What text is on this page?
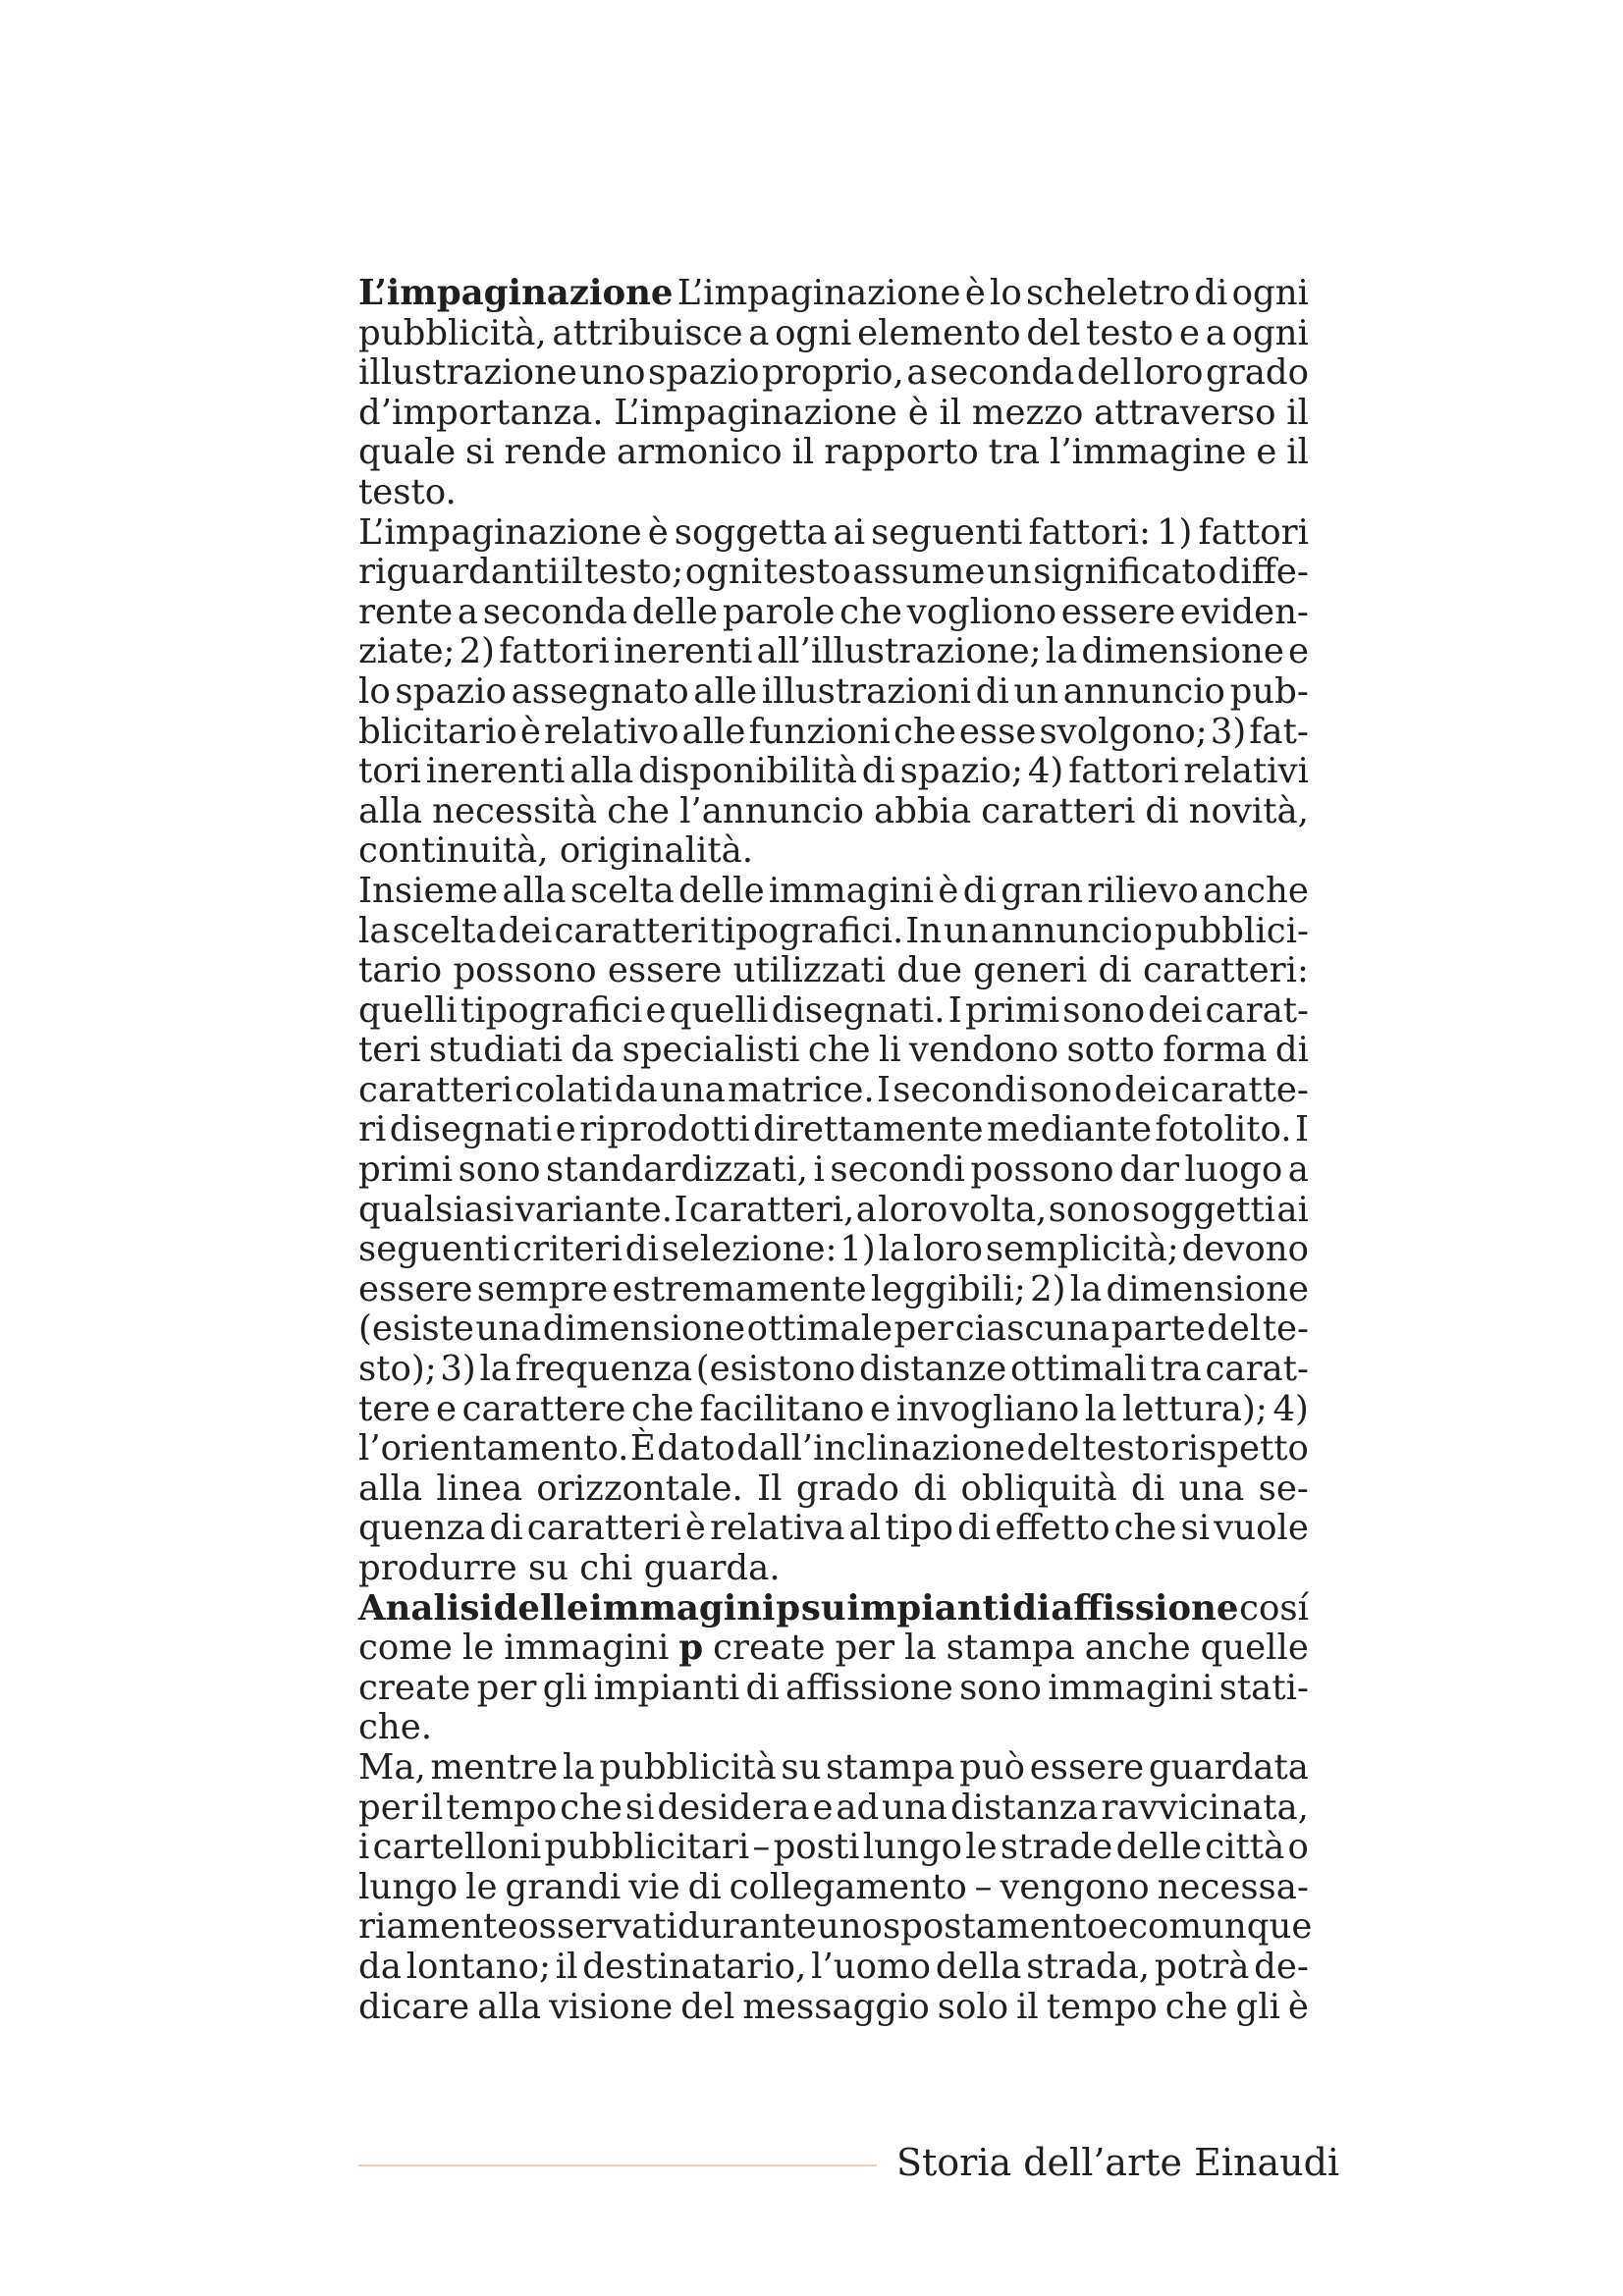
L’impaginazione L’impaginazione è lo scheletro di ogni
pubblicità, attribuisce a ogni elemento del testo e a ogni
illustrazione uno spazio proprio, a seconda del loro grado
d’importanza. L’impaginazione è il mezzo attraverso il
quale si rende armonico il rapporto tra l’immagine e il
testo.
L’impaginazione è soggetta ai seguenti fattori: 1) fattori
riguardanti il testo; ogni testo assume un significato diffe-
rente a seconda delle parole che vogliono essere eviden-
ziate; 2) fattori inerenti all’illustrazione; la dimensione e
lo spazio assegnato alle illustrazioni di un annuncio pub-
blicitario è relativo alle funzioni che esse svolgono; 3) fat-
tori inerenti alla disponibilità di spazio; 4) fattori relativi
alla necessità che l’annuncio abbia caratteri di novità,
continuità,
originalità.
Insieme alla scelta delle immagini è di gran rilievo anche
la scelta dei caratteri tipografici. In un annuncio pubblici-
tario possono essere utilizzati due generi di caratteri:
quelli tipografici e quelli disegnati. I primi sono dei carat-
teri studiati da specialisti che li vendono sotto forma di
caratteri colati da una matrice. I secondi sono dei caratte-
ri disegnati e riprodotti direttamente mediante fotolito. I
primi sono standardizzati, i secondi possono dar luogo a
qualsiasi variante. I caratteri, a loro volta, sono soggetti ai
seguenti criteri di selezione: 1) la loro semplicità; devono
essere sempre estremamente leggibili; 2) la dimensione
(esiste una dimensione ottimale per ciascuna parte del te-
sto); 3) la frequenza (esistono distanze ottimali tra carat-
tere e carattere che facilitano e invogliano la lettura); 4)
l’orientamento. È dato dall’inclinazione del testo rispetto
alla linea orizzontale. Il grado di obliquità di una se-
quenza di caratteri è relativa al tipo di effetto che si vuole
produrre
su
chi
guarda.
Analisi delle immagini p su impianti di affissione cosí
come le immagini p create per la stampa anche quelle
create per gli impianti di affissione sono immagini stati-
che.
Ma, mentre la pubblicità su stampa può essere guardata
per il tempo che si desidera e ad una distanza ravvicinata,
i cartelloni pubblicitari – posti lungo le strade delle città o
lungo le grandi vie di collegamento – vengono necessa-
riamente osservati durante uno spostamento e comunque
da lontano; il destinatario, l’uomo della strada, potrà de-
dicare alla visione del messaggio solo il tempo che gli è
Storia dell’arte Einaudi
